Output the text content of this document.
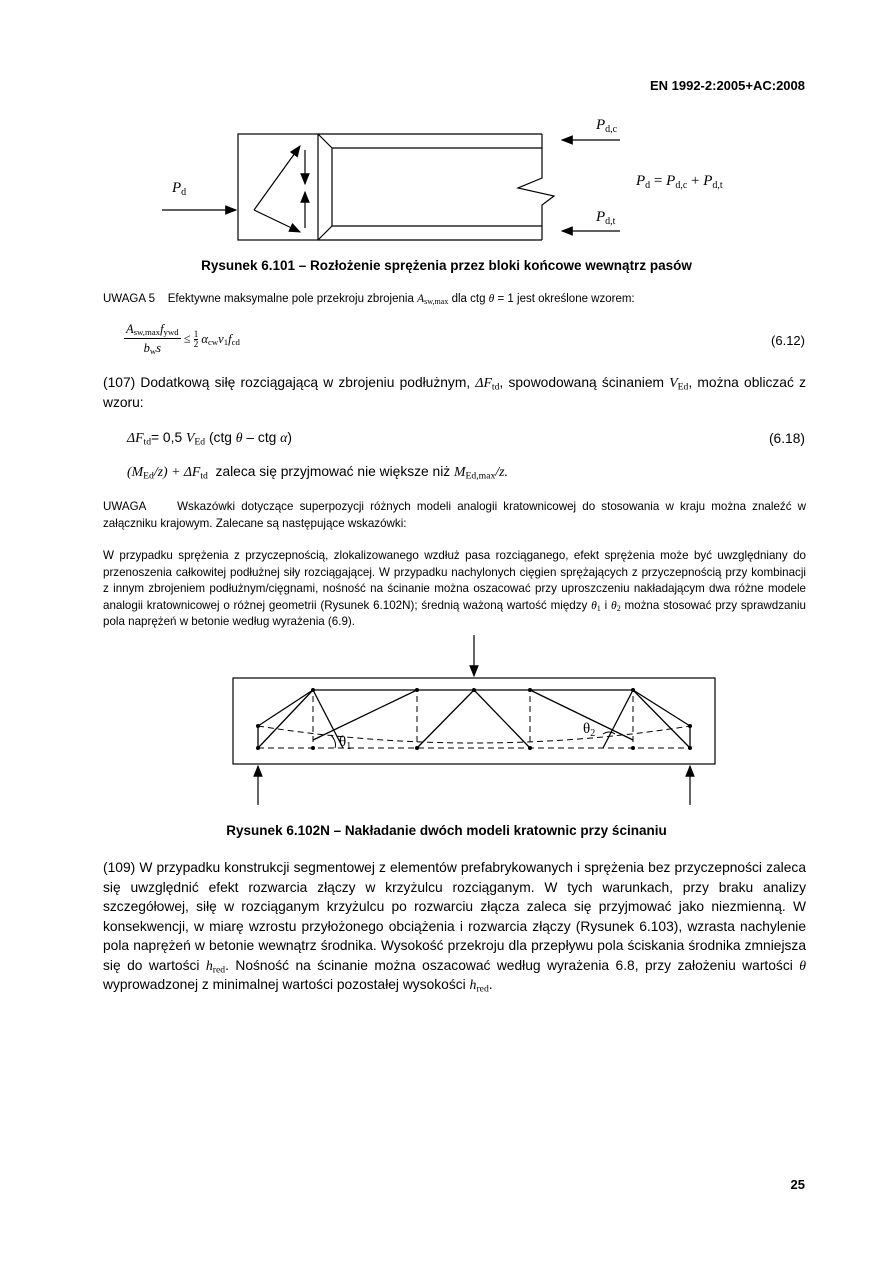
EN 1992-2:2005+AC:2008
$P_d$
$P_{d,c}$
$P_{d,t}$
$P_d = P_{d,c} + P_{d,t}$
Rysunek 6.101 – Rozłożenie sprężenia przez bloki końcowe wewnątrz pasów
UWAGA 5 Efektywne maksymalne pole przekroju zbrojenia $A_{sw,max}$ dla ctg θ = 1 jest określone wzorem:
$A_{sw,max}f_{ywd}$
$b_ws$
≤ $\frac{1}{2} \alpha_{cw}\nu_1f_{cd}$	(6.12)
(107) Dodatkową siłę rozciągającą w zbrojeniu podłużnym, $\Delta F_{td}$, spowodowaną ścinaniem $V_{Ed}$, można obliczać z wzoru:
$\Delta F_{td}= 0,5$ $V_{Ed}$ (ctg θ – ctg α)	(6.18)
$(M_{Ed}/z) + \Delta F_{td}$  zaleca się przyjmować nie większe niż $M_{Ed,max}/z$.
UWAGA	Wskazówki dotyczące superpozycji różnych modeli analogii kratownicowej do stosowania w kraju można znaleźć w załączniku krajowym. Zalecane są następujące wskazówki:
W przypadku sprężenia z przyczepnością, zlokalizowanego wzdłuż pasa rozciąganego, efekt sprężenia może być uwzględniany do przenoszenia całkowitej podłużnej siły rozciągającej. W przypadku nachylonych cięgien sprężających z przyczepnością przy kombinacji z innym zbrojeniem podłużnym/cięgnami, nośność na ścinanie można oszacować przy uproszczeniu nakładającym dwa różne modele analogii kratownicowej o różnej geometrii (Rysunek 6.102N); średnią ważoną wartość między $\theta_1$ i $\theta_2$ można stosować przy sprawdzaniu pola naprężeń w betonie według wyrażenia (6.9).
$\theta_1$
$\theta_2$
Rysunek 6.102N – Nakładanie dwóch modeli kratownic przy ścinaniu
(109) W przypadku konstrukcji segmentowej z elementów prefabrykowanych i sprężenia bez przyczepności zaleca się uwzględnić efekt rozwarcia złączy w krzyżulcu rozciąganym. W tych warunkach, przy braku analizy szczegółowej, siłę w rozciąganym krzyżulcu po rozwarciu złącza zaleca się przyjmować jako niezmienną. W konsekwencji, w miarę wzrostu przyłożonego obciążenia i rozwarcia złączy (Rysunek 6.103), wzrasta nachylenie pola naprężeń w betonie wewnątrz środnika. Wysokość przekroju dla przepływu pola ściskania środnika zmniejsza się do wartości $h_{red}$. Nośność na ścinanie można oszacować według wyrażenia 6.8, przy założeniu wartości θ wyprowadzonej z minimalnej wartości pozostałej wysokości $h_{red}$.
25
